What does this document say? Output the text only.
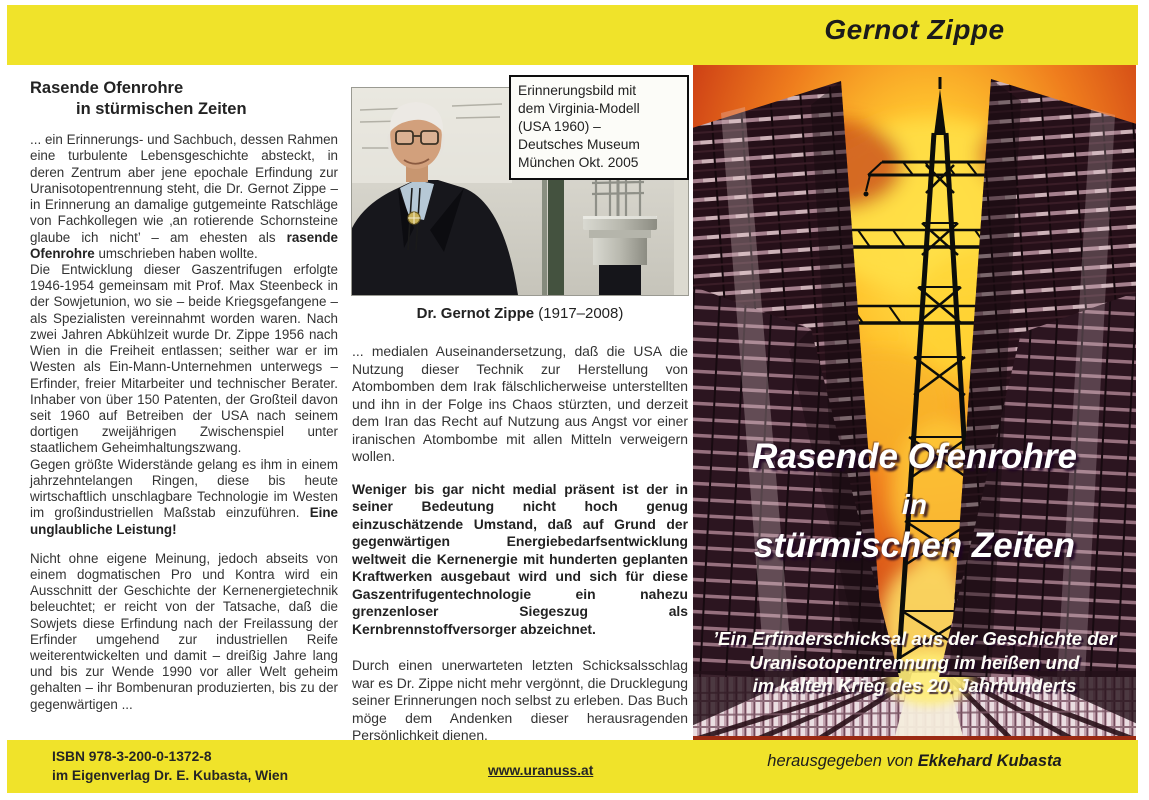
Gernot Zippe
Rasende Ofenrohre
in stürmischen Zeiten

... ein Erinnerungs- und Sachbuch, dessen Rahmen eine turbulente Lebensgeschichte absteckt, in deren Zentrum aber jene epochale Erfindung zur Uranisotopentrennung steht, die Dr. Gernot Zippe – in Erinnerung an damalige gutgemeinte Ratschläge von Fachkollegen wie ‚an rotierende Schornsteine glaube ich nicht’ – am ehesten als rasende Ofenrohre umschrieben haben wollte.

Die Entwicklung dieser Gaszentrifugen erfolgte 1946-1954 gemeinsam mit Prof. Max Steenbeck in der Sowjetunion, wo sie – beide Kriegsgefangene – als Spezialisten vereinnahmt worden waren. Nach zwei Jahren Abkühlzeit wurde Dr. Zippe 1956 nach Wien in die Freiheit entlassen; seither war er im Westen als Ein-Mann-Unternehmen unterwegs – Erfinder, freier Mitarbeiter und technischer Berater. Inhaber von über 150 Patenten, der Großteil davon seit 1960 auf Betreiben der USA nach seinem dortigen zweijährigen Zwischenspiel unter staatlichem Geheimhaltungszwang.

Gegen größte Widerstände gelang es ihm in einem jahrzehntelangen Ringen, diese bis heute wirtschaftlich unschlagbare Technologie im Westen im großindustriellen Maßstab einzuführen. Eine unglaubliche Leistung!

Nicht ohne eigene Meinung, jedoch abseits von einem dogmatischen Pro und Kontra wird ein Ausschnitt der Geschichte der Kernenergietechnik beleuchtet; er reicht von der Tatsache, daß die Sowjets diese Erfindung nach der Freilassung der Erfinder umgehend zur industriellen Reife weiterentwickelten und damit – dreißig Jahre lang und bis zur Wende 1990 vor aller Welt geheim gehalten – ihr Bombenuran produzierten, bis zu der gegenwärtigen ...

ISBN 978-3-200-0-1372-8
im Eigenverlag Dr. E. Kubasta, Wien	www.uranuss.at
Erinnerungsbild mit
dem Virginia-Modell
(USA 1960) –
Deutsches Museum
München Okt. 2005
Dr. Gernot Zippe (1917–2008)

... medialen Auseinandersetzung, daß die USA die Nutzung dieser Technik zur Herstellung von Atombomben dem Irak fälschlicherweise unterstellten und ihn in der Folge ins Chaos stürzten, und derzeit dem Iran das Recht auf Nutzung aus Angst vor einer iranischen Atombombe mit allen Mitteln verweigern wollen.

Weniger bis gar nicht medial präsent ist der in seiner Bedeutung nicht hoch genug einzuschätzende Umstand, daß auf Grund der gegenwärtigen Energiebedarfsentwicklung weltweit die Kernenergie mit hunderten geplanten Kraftwerken ausgebaut wird und sich für diese Gaszentrifugentechnologie ein nahezu grenzenloser Siegeszug als Kernbrennstoffversorger abzeichnet.

Durch einen unerwarteten letzten Schicksalsschlag war es Dr. Zippe nicht mehr vergönnt, die Drucklegung seiner Erinnerungen noch selbst zu erleben. Das Buch möge dem Andenken dieser herausragenden Persönlichkeit dienen.

Rasende Ofenrohre
in
stürmischen Zeiten
’Ein Erfinderschicksal aus der Geschichte der
Uranisotopentrennung im heißen und
im kalten Krieg des 20. Jahrhunderts
herausgegeben von Ekkehard Kubasta
